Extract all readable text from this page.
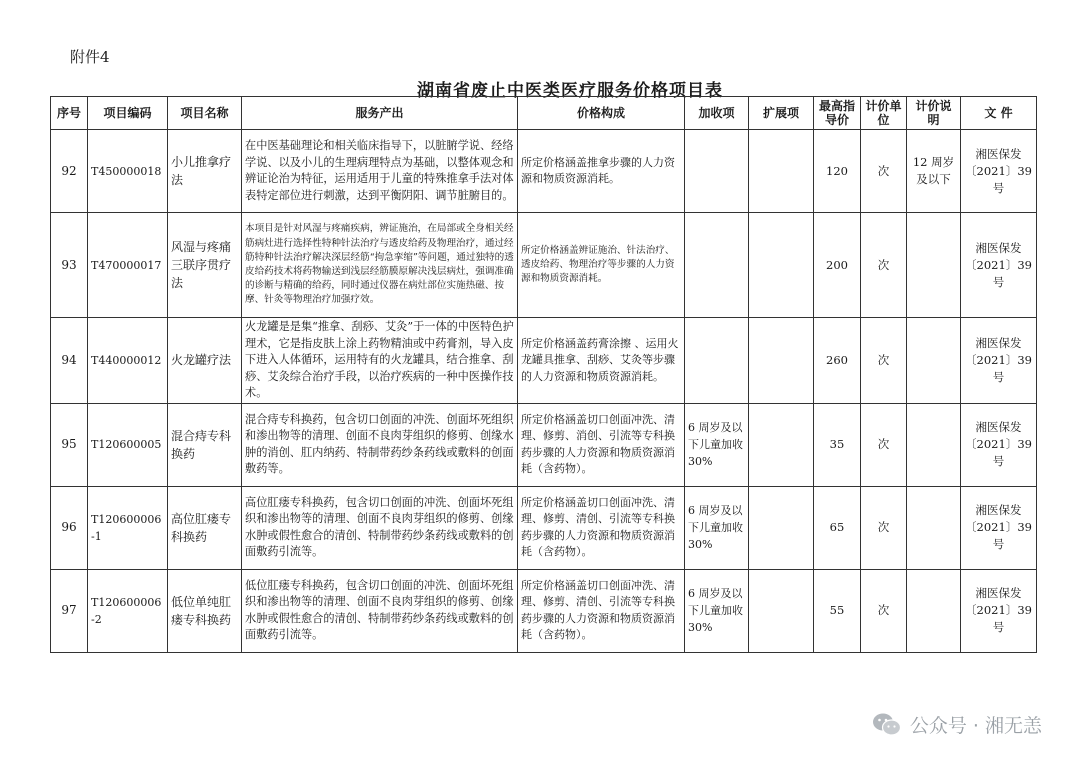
附件4
湖南省废止中医类医疗服务价格项目表
序号	项目编码	项目名称	服务产出	价格构成	加收项	扩展项	最高指导价	计价单位	计价说明	文 件
92	T450000018	小儿推拿疗法	在中医基础理论和相关临床指导下，以脏腑学说、经络学说、以及小儿的生理病理特点为基础，以整体观念和辨证论治为特征，运用适用于儿童的特殊推拿手法对体表特定部位进行刺激，达到平衡阴阳、调节脏腑目的。	所定价格涵盖推拿步骤的人力资源和物质资源消耗。			120	次	12 周岁及以下	湘医保发〔2021〕39 号
93	T470000017	风湿与疼痛三联序贯疗法	本项目是针对风湿与疼痛疾病，辨证施治，在局部或全身相关经筋病灶进行选择性特种针法治疗与透皮给药及物理治疗，通过经筋特种针法治疗解决深层经筋“拘急挛缩”等问题，通过独特的透皮给药技术将药物输送到浅层经筋膜原解决浅层病灶，强调准确的诊断与精确的给药，同时通过仪器在病灶部位实施热磁、按摩、针灸等物理治疗加强疗效。	所定价格涵盖辨证施治、针法治疗、透皮给药、物理治疗等步骤的人力资源和物质资源消耗。			200	次		湘医保发〔2021〕39 号
94	T440000012	火龙罐疗法	火龙罐是是集“推拿、刮痧、艾灸”于一体的中医特色护理术，它是指皮肤上涂上药物精油或中药膏剂，导入皮下进入人体循环，运用特有的火龙罐具，结合推拿、刮痧、艾灸综合治疗手段，以治疗疾病的一种中医操作技术。	所定价格涵盖药膏涂擦 、运用火龙罐具推拿、刮痧、艾灸等步骤的人力资源和物质资源消耗。			260	次		湘医保发〔2021〕39 号
95	T120600005	混合痔专科换药	混合痔专科换药，包含切口创面的冲洗、创面坏死组织和渗出物等的清理、创面不良肉芽组织的修剪、创缘水肿的消创、肛内纳药、特制带药纱条药线或敷料的创面敷药等。	所定价格涵盖切口创面冲洗、清理、修剪、消创、引流等专科换药步骤的人力资源和物质资源消耗（含药物）。	6 周岁及以下儿童加收 30%		35	次		湘医保发〔2021〕39 号
96	T120600006-1	高位肛瘘专科换药	高位肛瘘专科换药，包含切口创面的冲洗、创面坏死组织和渗出物等的清理、创面不良肉芽组织的修剪、创缘水肿或假性愈合的清创、特制带药纱条药线或敷料的创面敷药引流等。	所定价格涵盖切口创面冲洗、清理、修剪、清创、引流等专科换药步骤的人力资源和物质资源消耗（含药物）。	6 周岁及以下儿童加收 30%		65	次		湘医保发〔2021〕39 号
97	T120600006-2	低位单纯肛瘘专科换药	低位肛瘘专科换药，包含切口创面的冲洗、创面坏死组织和渗出物等的清理、创面不良肉芽组织的修剪、创缘水肿或假性愈合的清创、特制带药纱条药线或敷料的创面敷药引流等。	所定价格涵盖切口创面冲洗、清理、修剪、清创、引流等专科换药步骤的人力资源和物质资源消耗（含药物）。	6 周岁及以下儿童加收 30%		55	次		湘医保发〔2021〕39 号
公众号 · 湘无恙
